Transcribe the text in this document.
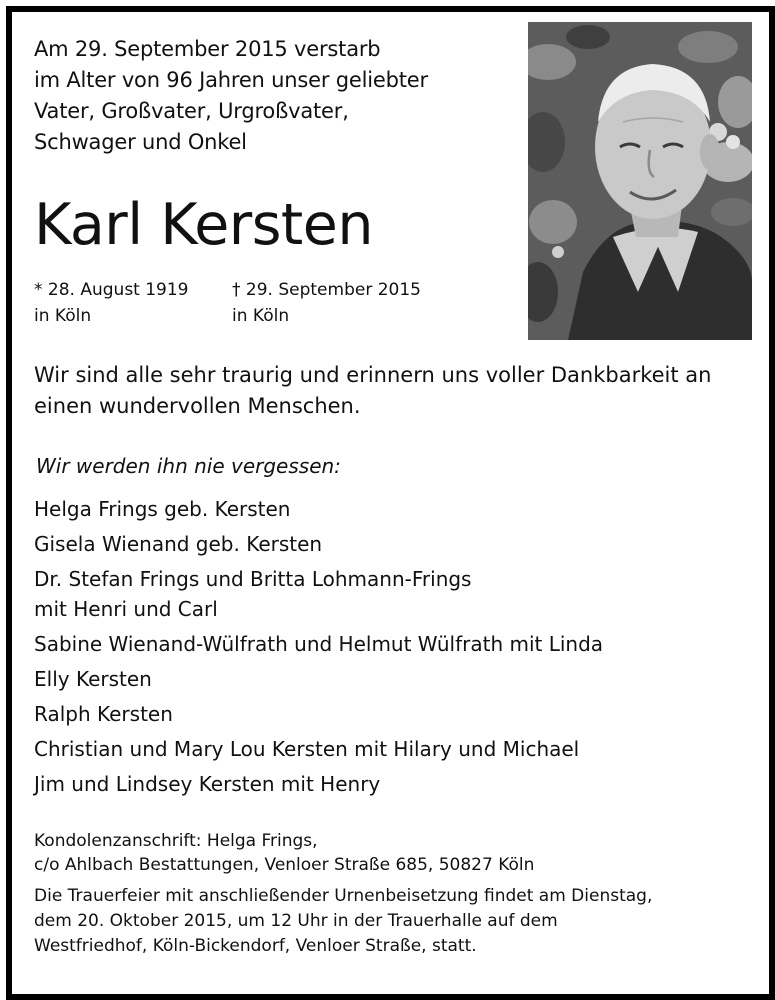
Am 29. September 2015 verstarb
im Alter von 96 Jahren unser geliebter
Vater, Großvater, Urgroßvater,
Schwager und Onkel
Karl Kersten
* 28. August 1919
in Köln
† 29. September 2015
in Köln
Wir sind alle sehr traurig und erinnern uns voller Dankbarkeit an
einen wundervollen Menschen.
Wir werden ihn nie vergessen:
Helga Frings geb. Kersten
Gisela Wienand geb. Kersten
Dr. Stefan Frings und Britta Lohmann-Frings
mit Henri und Carl
Sabine Wienand-Wülfrath und Helmut Wülfrath mit Linda
Elly Kersten
Ralph Kersten
Christian und Mary Lou Kersten mit Hilary und Michael
Jim und Lindsey Kersten mit Henry
Kondolenzanschrift: Helga Frings,
c/o Ahlbach Bestattungen, Venloer Straße 685, 50827 Köln
Die Trauerfeier mit anschließender Urnenbeisetzung findet am Dienstag,
dem 20. Oktober 2015, um 12 Uhr in der Trauerhalle auf dem
Westfriedhof, Köln-Bickendorf, Venloer Straße, statt.
